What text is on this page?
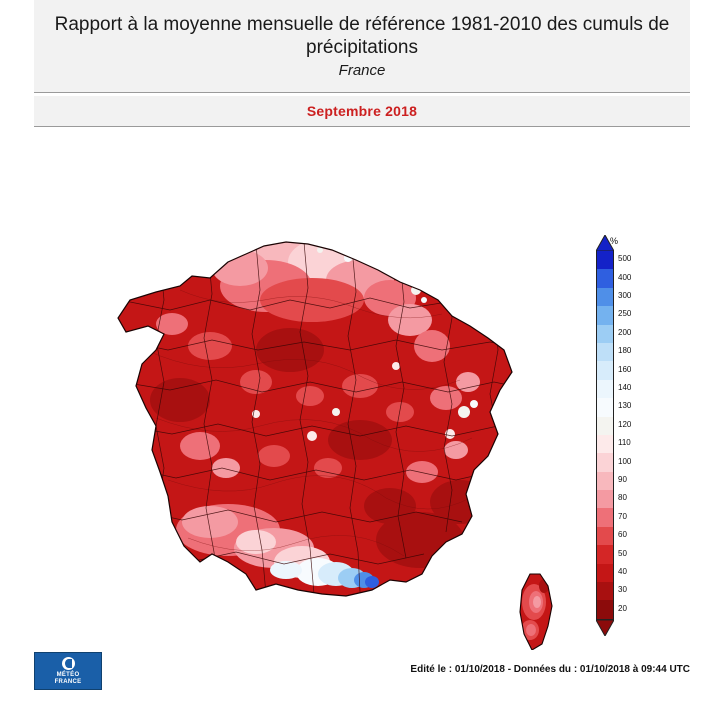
Rapport à la moyenne mensuelle de référence 1981-2010 des cumuls de précipitations
France
Septembre 2018
%
500
400
300
250
200
180
160
140
130
120
110
100
90
80
70
60
50
40
30
20
MÉTÉO
FRANCE
Edité le : 01/10/2018 - Données du : 01/10/2018 à 09:44 UTC
